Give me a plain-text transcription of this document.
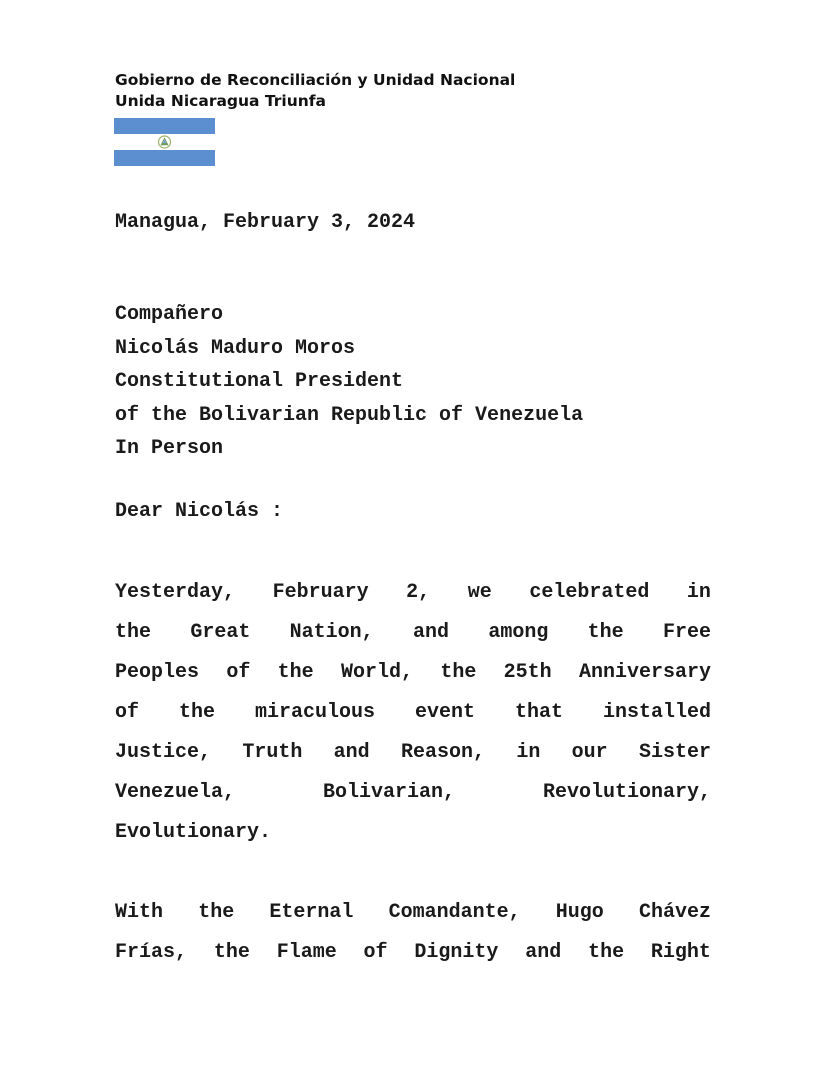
Gobierno de Reconciliación y Unidad Nacional
Unida Nicaragua Triunfa
Managua, February 3, 2024
Compañero
Nicolás Maduro Moros
Constitutional President
of the Bolivarian Republic of Venezuela
In Person
Dear Nicolás :
Yesterday, February 2, we celebrated in
the Great Nation, and among the Free
Peoples of the World, the 25th Anniversary
of the miraculous event that installed
Justice, Truth and Reason, in our Sister
Venezuela,	Bolivarian,	Revolutionary,
Evolutionary.
With the Eternal Comandante, Hugo Chávez
Frías, the Flame of Dignity and the Right
